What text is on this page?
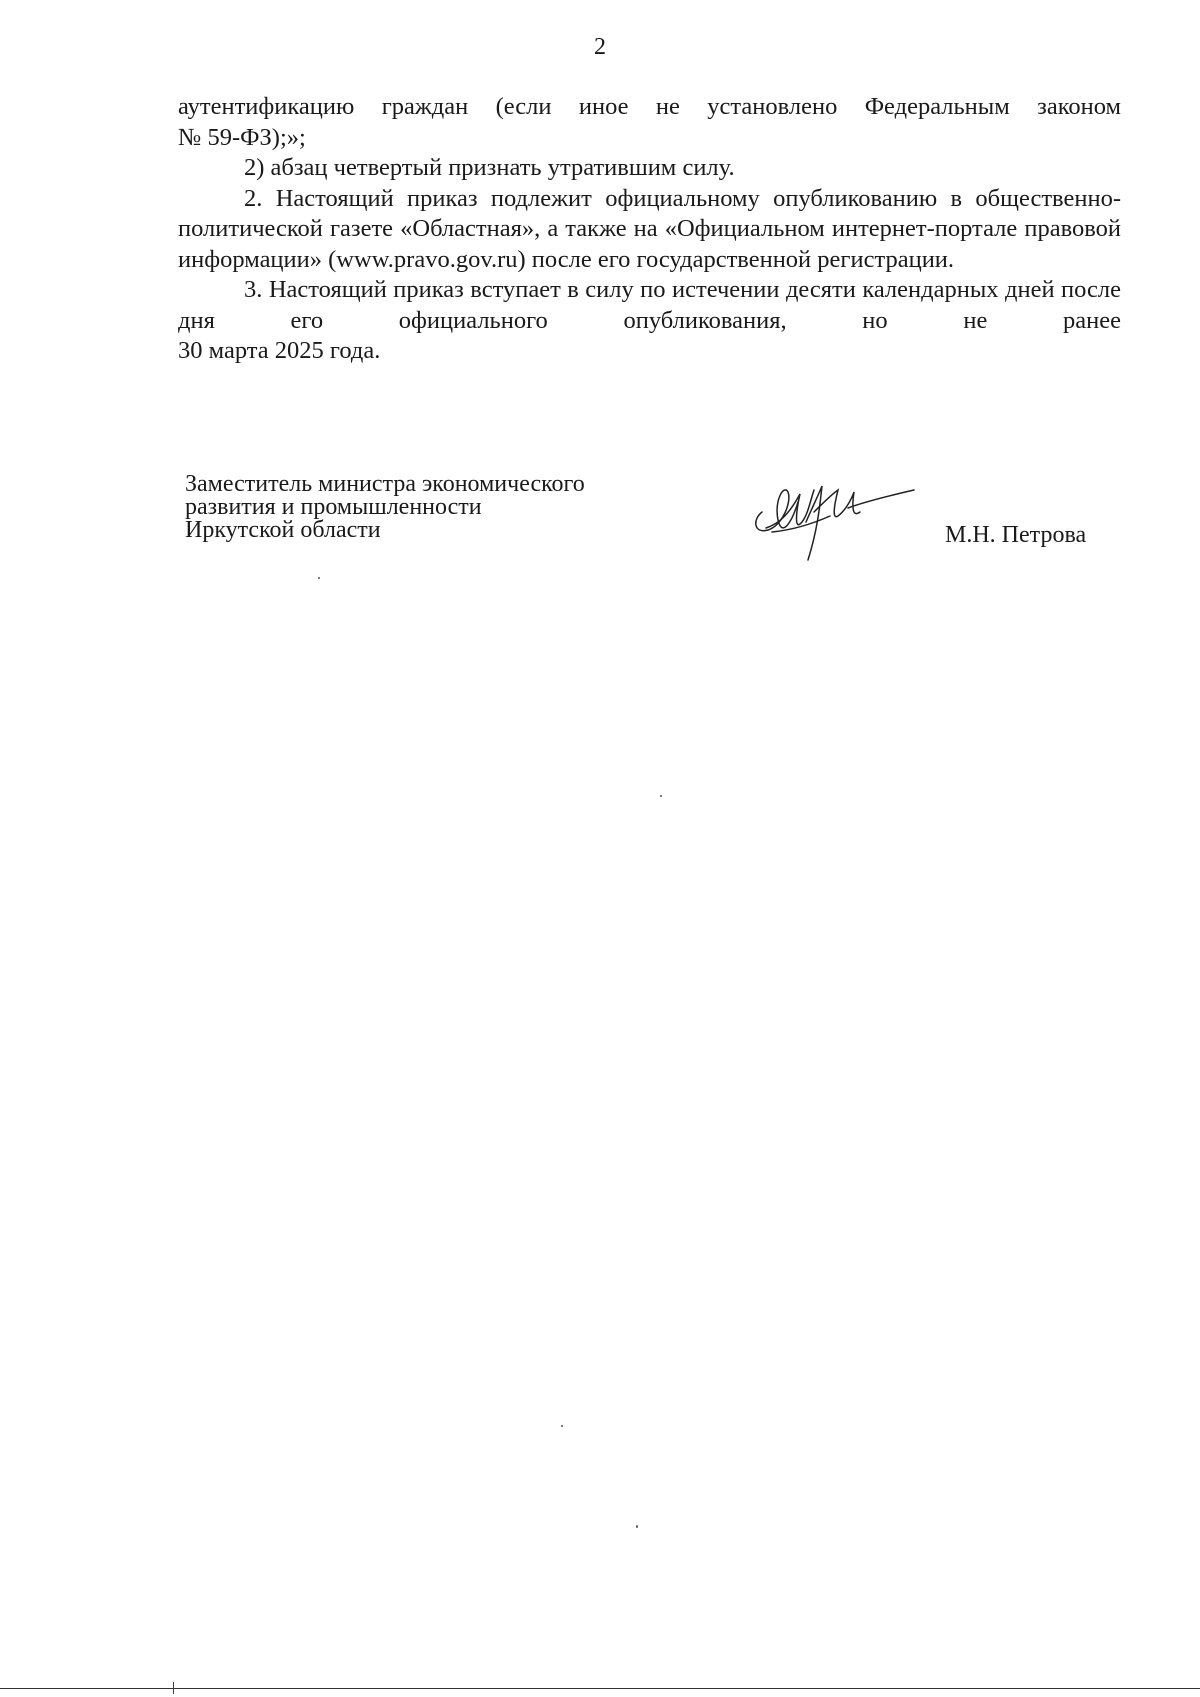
2

аутентификацию граждан (если иное не установлено Федеральным законом

№ 59-ФЗ);»;

2) абзац четвертый признать утратившим силу.

2. Настоящий приказ подлежит официальному опубликованию в общественно-политической газете «Областная», а также на «Официальном интернет-портале правовой информации» (www.pravo.gov.ru) после его государственной регистрации.

3. Настоящий приказ вступает в силу по истечении десяти календарных дней после дня его официального опубликования, но не ранее

30 марта 2025 года.

Заместитель министра экономического
развития и промышленности
Иркутской области	М.Н. Петрова
